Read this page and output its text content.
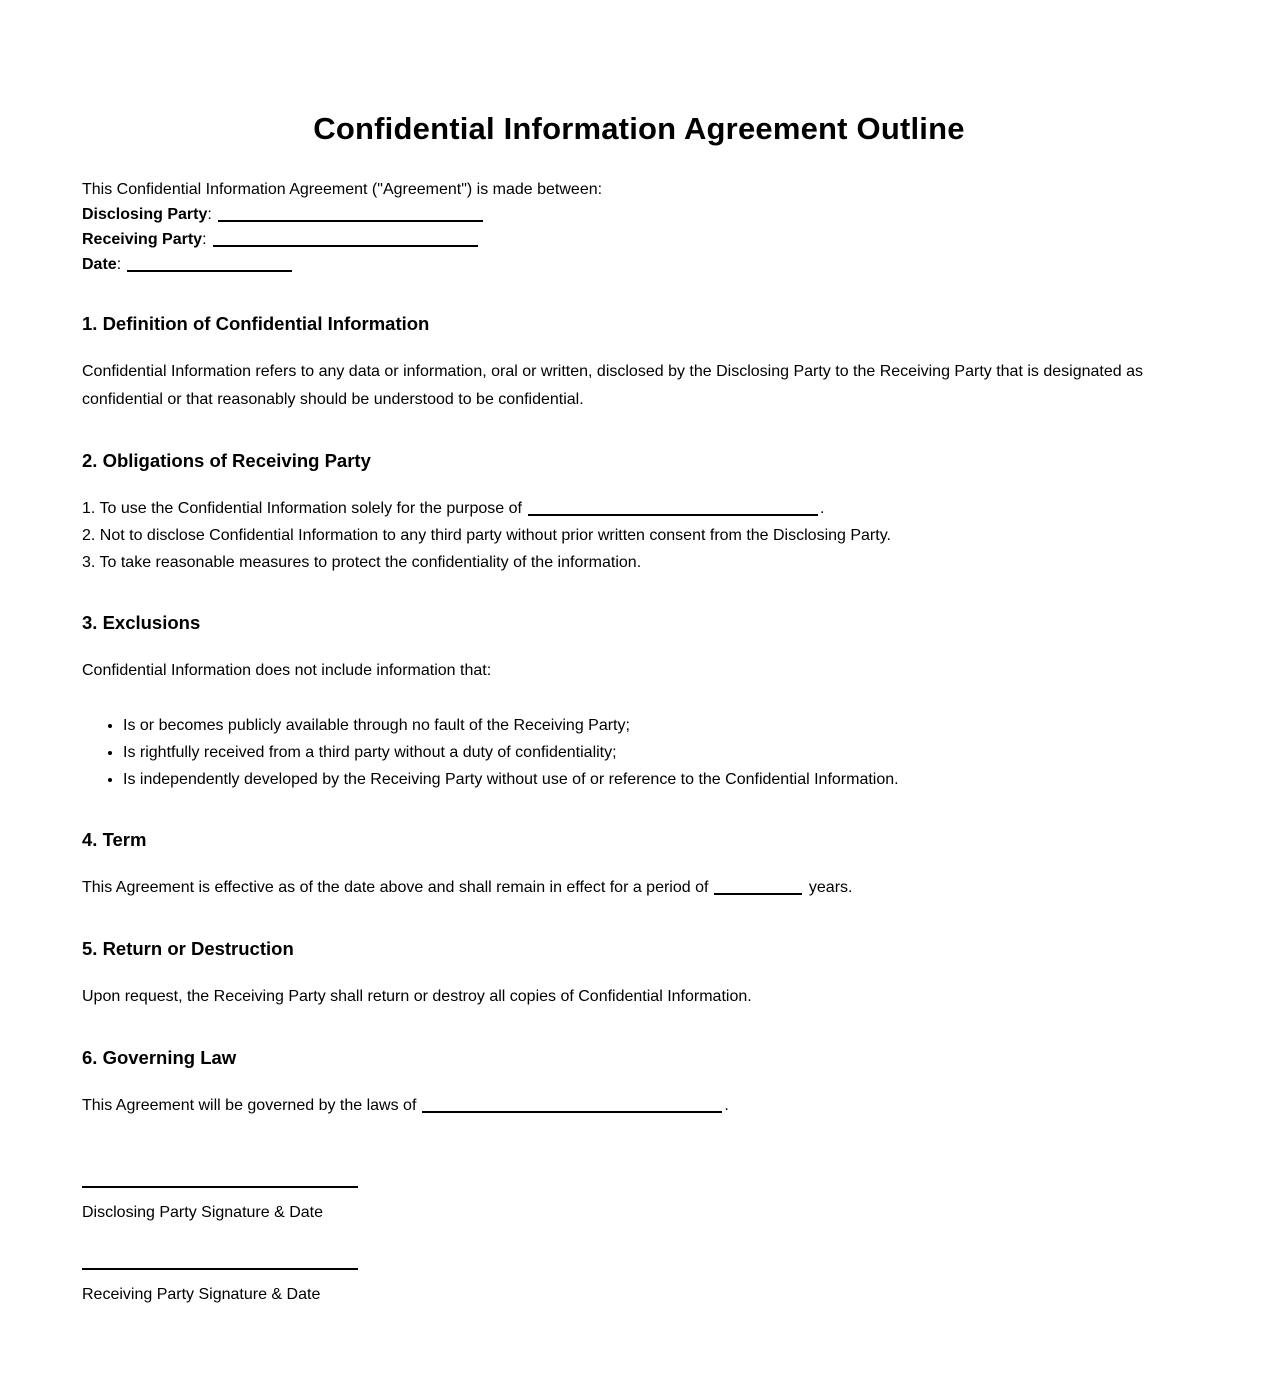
Confidential Information Agreement Outline

This Confidential Information Agreement ("Agreement") is made between:

Disclosing Party:

Receiving Party:

Date:

1. Definition of Confidential Information

Confidential Information refers to any data or information, oral or written, disclosed by the Disclosing Party to the Receiving Party that is designated as confidential or that reasonably should be understood to be confidential.

2. Obligations of Receiving Party

1. To use the Confidential Information solely for the purpose of	.

2. Not to disclose Confidential Information to any third party without prior written consent from the Disclosing Party.

3. To take reasonable measures to protect the confidentiality of the information.

3. Exclusions

Confidential Information does not include information that:

• Is or becomes publicly available through no fault of the Receiving Party;
• Is rightfully received from a third party without a duty of confidentiality;
• Is independently developed by the Receiving Party without use of or reference to the Confidential Information.
4. Term

This Agreement is effective as of the date above and shall remain in effect for a period of	years.

5. Return or Destruction

Upon request, the Receiving Party shall return or destroy all copies of Confidential Information.

6. Governing Law

This Agreement will be governed by the laws of	.

Disclosing Party Signature & Date

Receiving Party Signature & Date
